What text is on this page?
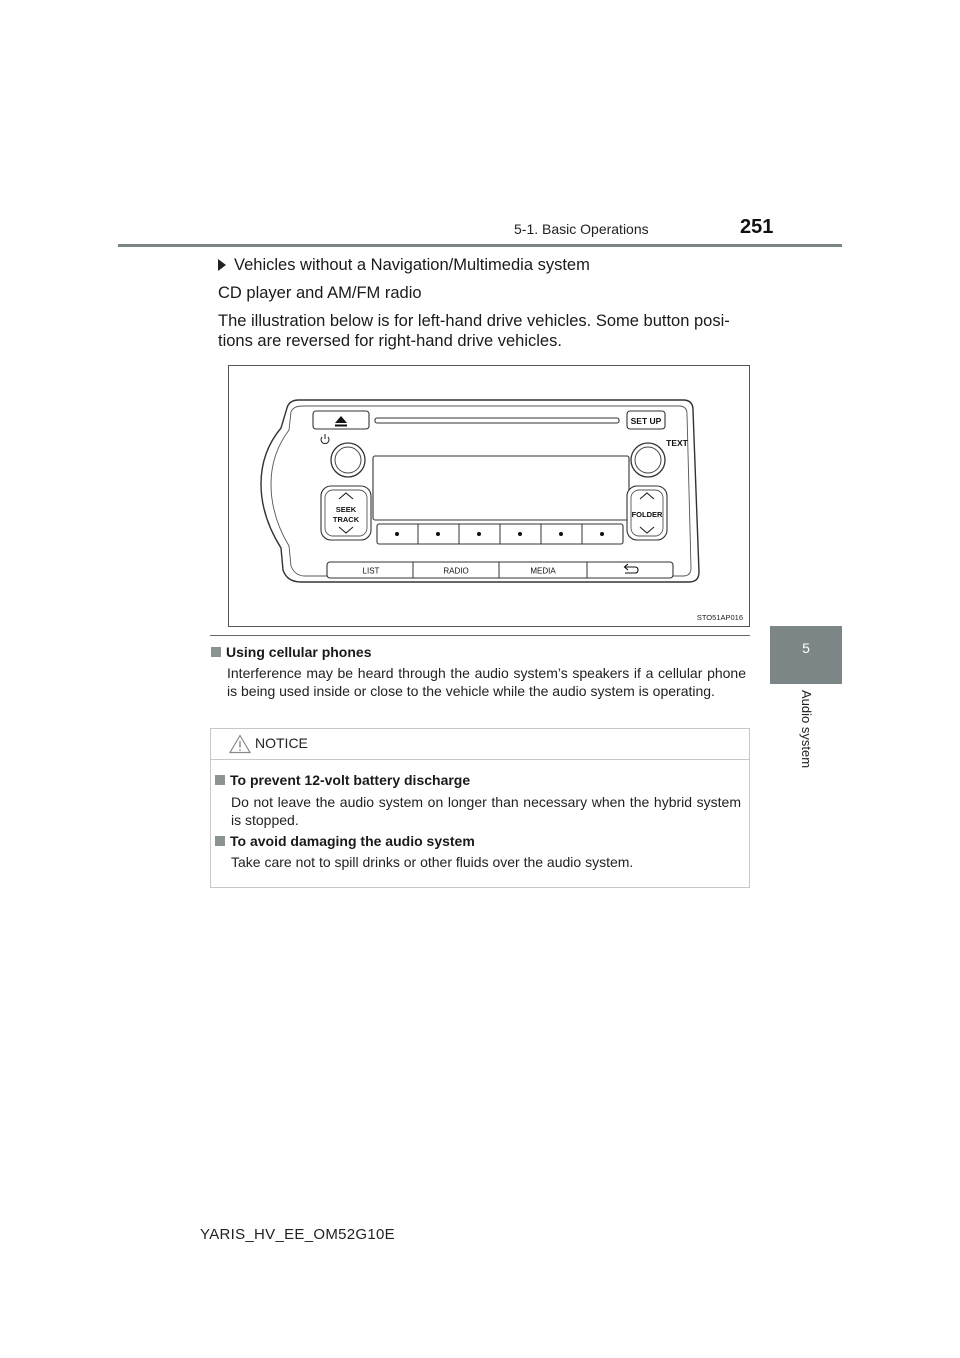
5-1. Basic Operations	251
5
Audio system
Vehicles without a Navigation/Multimedia system
CD player and AM/FM radio
The illustration below is for left-hand drive vehicles. Some button posi-
tions are reversed for right-hand drive vehicles.
SET UP
TEXT
SEEK
TRACK
FOLDER
LIST	RADIO	MEDIA
STO51AP016
Using cellular phones
Interference may be heard through the audio system’s speakers if a cellular phone is being used inside or close to the vehicle while the audio system is operating.
NOTICE
To prevent 12-volt battery discharge
Do not leave the audio system on longer than necessary when the hybrid system is stopped.
To avoid damaging the audio system
Take care not to spill drinks or other fluids over the audio system.
YARIS_HV_EE_OM52G10E
